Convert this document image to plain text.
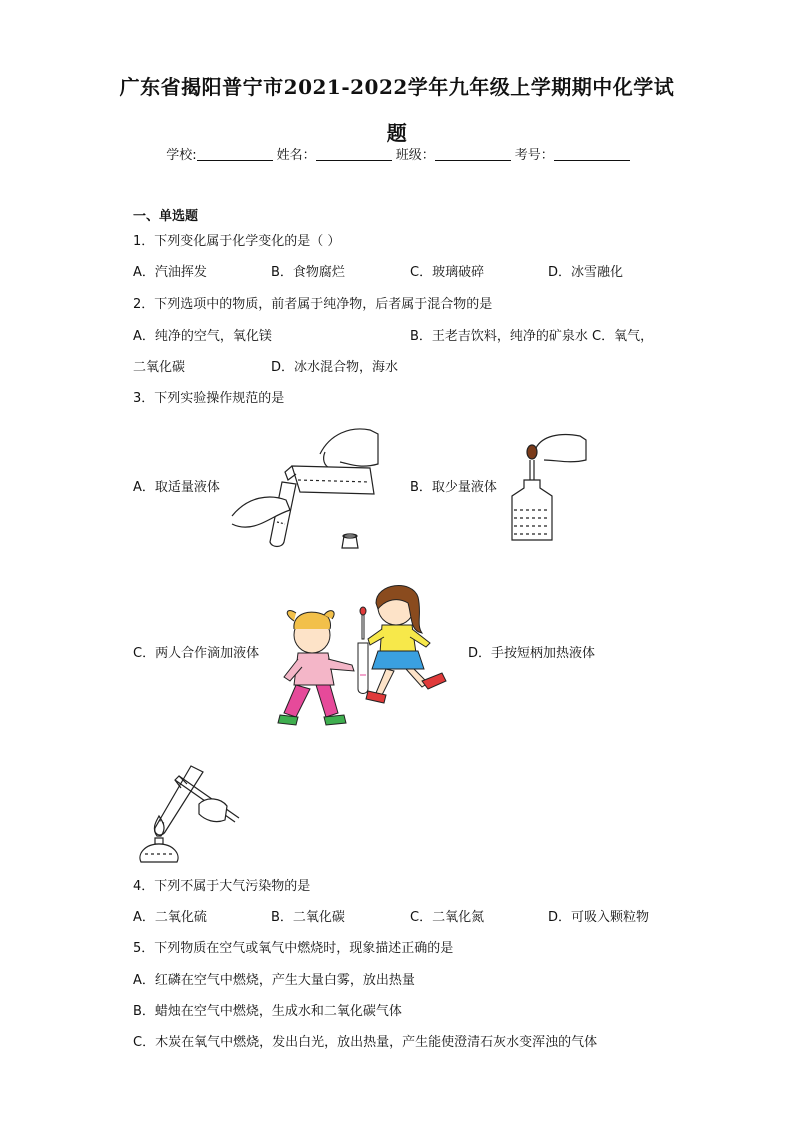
广东省揭阳普宁市2021-2022学年九年级上学期期中化学试
题
学校:	姓名：	班级：	考号：
一、单选题
1．下列变化属于化学变化的是（ ）
A．汽油挥发	B．食物腐烂	C．玻璃破碎	D．冰雪融化
2．下列选项中的物质，前者属于纯净物，后者属于混合物的是
A．纯净的空气，氧化镁	B．王老吉饮料，纯净的矿泉水 C．氧气，
二氧化碳	D．冰水混合物，海水
3．下列实验操作规范的是
A．取适量液体	B．取少量液体
C．两人合作滴加液体	D．手按短柄加热液体
4．下列不属于大气污染物的是
A．二氧化硫	B．二氧化碳	C．二氧化氮	D．可吸入颗粒物
5．下列物质在空气或氧气中燃烧时，现象描述正确的是
A．红磷在空气中燃烧，产生大量白雾，放出热量
B．蜡烛在空气中燃烧，生成水和二氧化碳气体
C．木炭在氧气中燃烧，发出白光，放出热量，产生能使澄清石灰水变浑浊的气体
